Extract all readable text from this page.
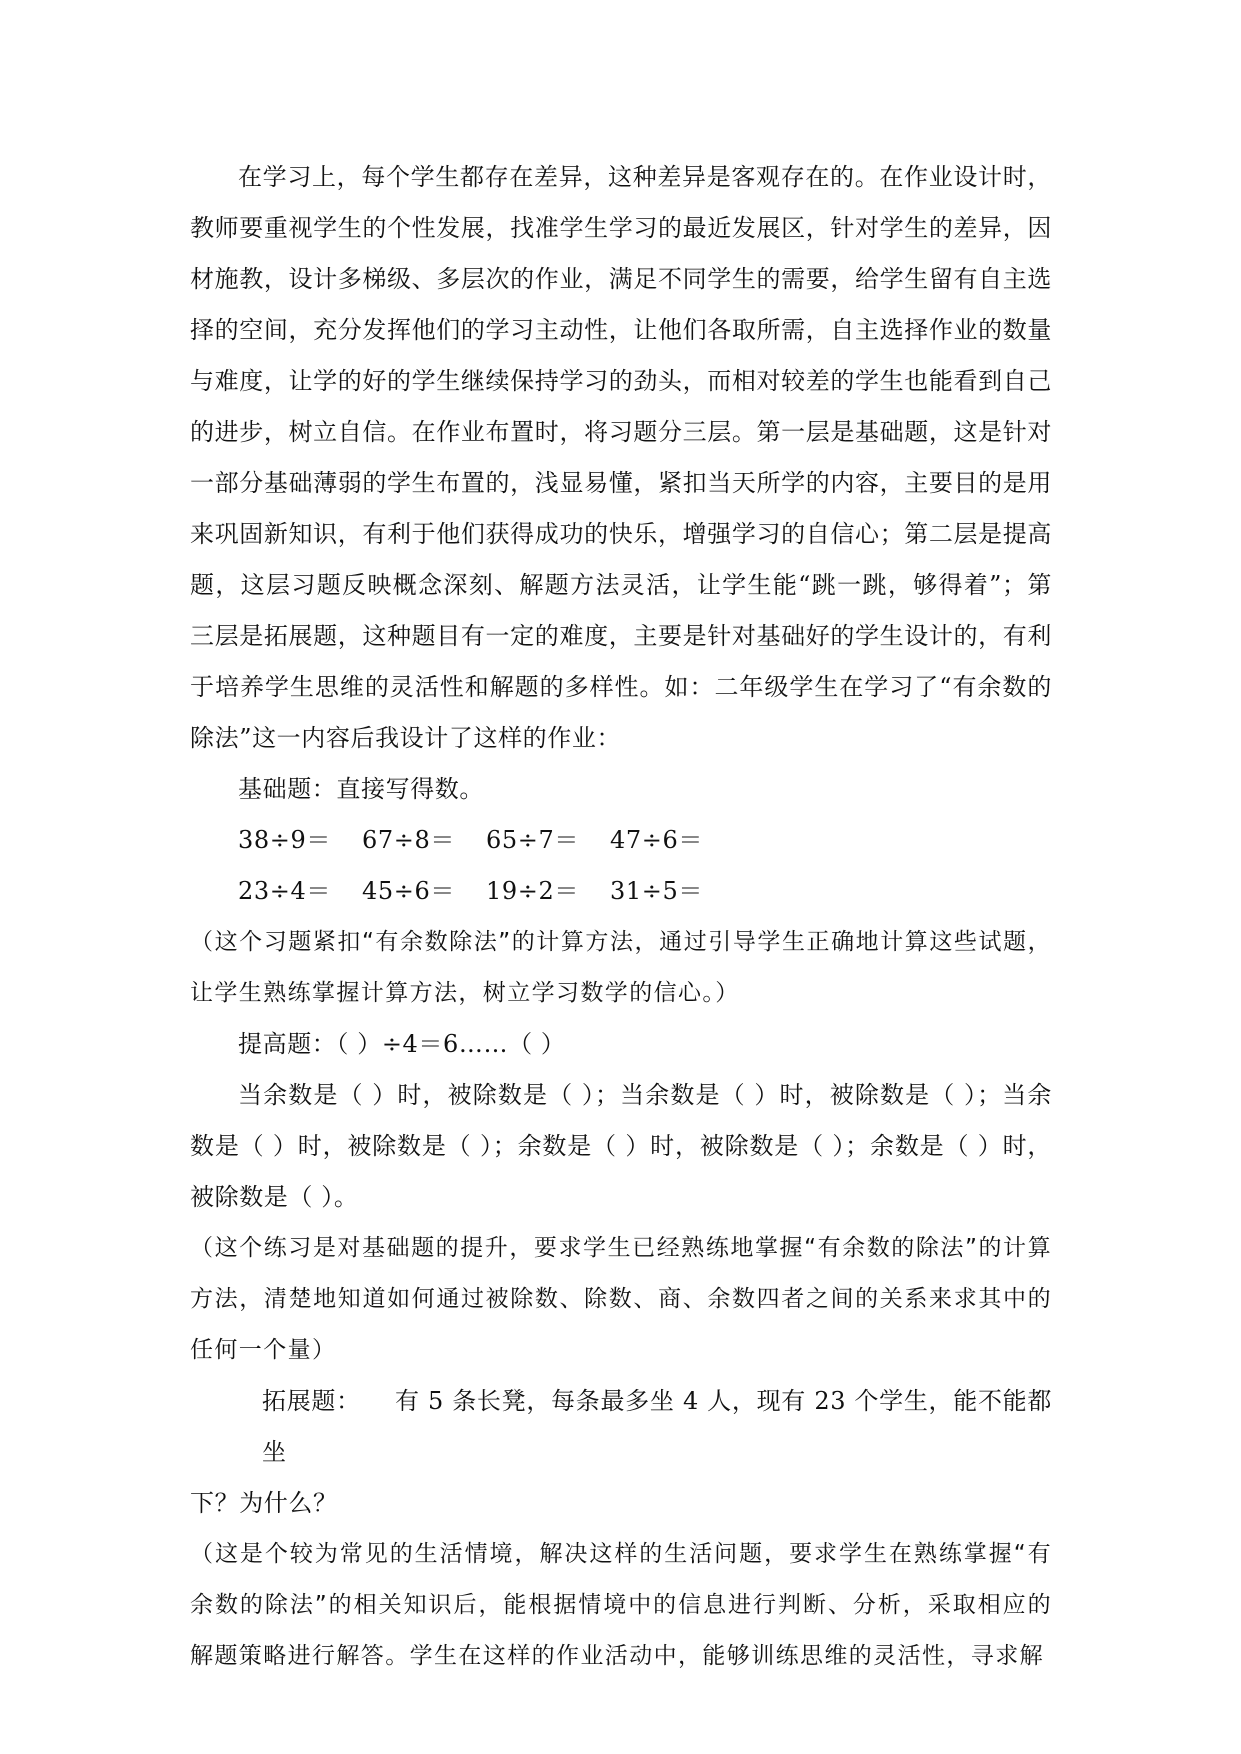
在学习上，每个学生都存在差异，这种差异是客观存在的。在作业设计时，教师要重视学生的个性发展，找准学生学习的最近发展区，针对学生的差异，因材施教，设计多梯级、多层次的作业，满足不同学生的需要，给学生留有自主选择的空间，充分发挥他们的学习主动性，让他们各取所需，自主选择作业的数量与难度，让学的好的学生继续保持学习的劲头，而相对较差的学生也能看到自己的进步，树立自信。在作业布置时，将习题分三层。第一层是基础题，这是针对一部分基础薄弱的学生布置的，浅显易懂，紧扣当天所学的内容，主要目的是用来巩固新知识，有利于他们获得成功的快乐，增强学习的自信心；第二层是提高题，这层习题反映概念深刻、解题方法灵活，让学生能“跳一跳，够得着”；第三层是拓展题，这种题目有一定的难度，主要是针对基础好的学生设计的，有利于培养学生思维的灵活性和解题的多样性。如：二年级学生在学习了“有余数的除法”这一内容后我设计了这样的作业：

基础题：直接写得数。

38÷9＝	67÷8＝	65÷7＝	47÷6＝
23÷4＝	45÷6＝	19÷2＝	31÷5＝

（这个习题紧扣“有余数除法”的计算方法，通过引导学生正确地计算这些试题，让学生熟练掌握计算方法，树立学习数学的信心。）

提高题：（ ）÷4＝6……（ ）

当余数是（ ）时，被除数是（ ）；当余数是（ ）时，被除数是（ ）；当余数是（ ）时，被除数是（ ）；余数是（ ）时，被除数是（ ）；余数是（ ）时，被除数是（ ）。

（这个练习是对基础题的提升，要求学生已经熟练地掌握“有余数的除法”的计算方法，清楚地知道如何通过被除数、除数、商、余数四者之间的关系来求其中的任何一个量）

拓展题： 有 5 条长凳，每条最多坐 4 人，现有 23 个学生，能不能都坐

下？为什么？

（这是个较为常见的生活情境，解决这样的生活问题，要求学生在熟练掌握“有余数的除法”的相关知识后，能根据情境中的信息进行判断、分析，采取相应的解题策略进行解答。学生在这样的作业活动中，能够训练思维的灵活性，寻求解
